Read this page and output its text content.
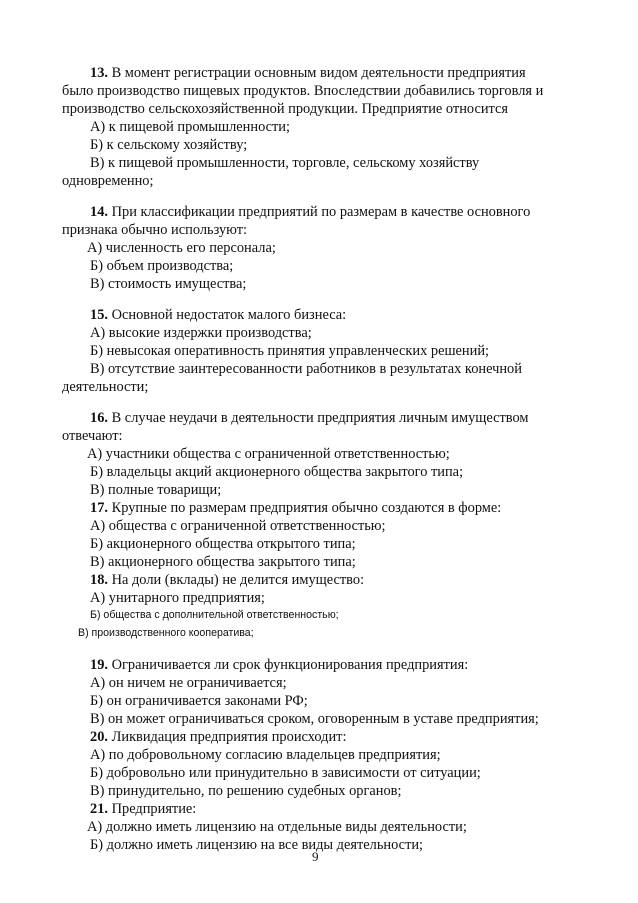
13. В момент регистрации основным видом деятельности предприятия
было производство пищевых продуктов. Впоследствии добавились торговля и
производство сельскохозяйственной продукции. Предприятие относится
А) к пищевой промышленности;
Б) к сельскому хозяйству;
В) к пищевой промышленности, торговле, сельскому хозяйству
одновременно;
14. При классификации предприятий по размерам в качестве основного
признака обычно используют:
А) численность его персонала;
Б) объем производства;
В) стоимость имущества;
15. Основной недостаток малого бизнеса:
А) высокие издержки производства;
Б) невысокая оперативность принятия управленческих решений;
В) отсутствие заинтересованности работников в результатах конечной
деятельности;
16. В случае неудачи в деятельности предприятия личным имуществом
отвечают:
А) участники общества с ограниченной ответственностью;
Б) владельцы акций акционерного общества закрытого типа;
В) полные товарищи;
17. Крупные по размерам предприятия обычно создаются в форме:
А) общества с ограниченной ответственностью;
Б) акционерного общества открытого типа;
В) акционерного общества закрытого типа;
18. На доли (вклады) не делится имущество:
А) унитарного предприятия;
Б) общества с дополнительной ответственностью;
В) производственного кооператива;
19. Ограничивается ли срок функционирования предприятия:
А) он ничем не ограничивается;
Б) он ограничивается законами РФ;
В) он может ограничиваться сроком, оговоренным в уставе предприятия;
20. Ликвидация предприятия происходит:
А) по добровольному согласию владельцев предприятия;
Б) добровольно или принудительно в зависимости от ситуации;
В) принудительно, по решению судебных органов;
21. Предприятие:
А) должно иметь лицензию на отдельные виды деятельности;
Б) должно иметь лицензию на все виды деятельности;
9
